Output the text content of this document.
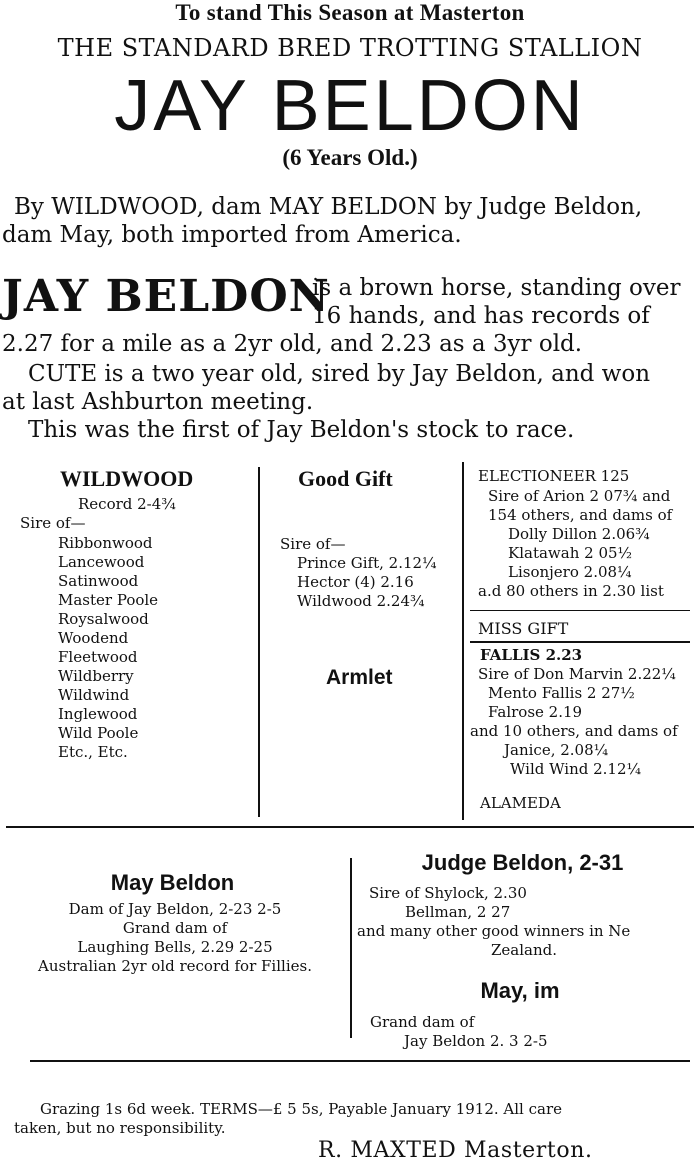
To stand This Season at Masterton
THE STANDARD BRED TROTTING STALLION
JAY BELDON
(6 Years Old.)
By WILDWOOD, dam MAY BELDON by Judge Beldon,
dam May, both imported from America.
JAY BELDON
is a brown horse, standing over
16 hands, and has records of
2.27 for a mile as a 2yr old, and 2.23 as a 3yr old.
CUTE is a two year old, sired by Jay Beldon, and won
at last Ashburton meeting.
This was the first of Jay Beldon's stock to race.
WILDWOOD
Record 2-4¾
Sire of—
Ribbonwood
Lancewood
Satinwood
Master Poole
Roysalwood
Woodend
Fleetwood
Wildberry
Wildwind
Inglewood
Wild Poole
Etc., Etc.
Good Gift
Sire of—
Prince Gift, 2.12¼
Hector (4) 2.16
Wildwood 2.24¾
Armlet
ELECTIONEER 125
Sire of Arion 2 07¾ and
154 others, and dams of
Dolly Dillon 2.06¾
Klatawah 2 05½
Lisonjero 2.08¼
a.d 80 others in 2.30 list
MISS GIFT
FALLIS 2.23
Sire of Don Marvin 2.22¼
Mento Fallis 2 27½
Falrose 2.19
and 10 others, and dams of
Janice, 2.08¼
Wild Wind 2.12¼
ALAMEDA
May Beldon
Dam of Jay Beldon, 2-23 2-5
Grand dam of
Laughing Bells, 2.29 2-25
Australian 2yr old record for Fillies.
Judge Beldon, 2-31
Sire of Shylock, 2.30
Bellman, 2 27
and many other good winners in Ne
Zealand.
May, im
Grand dam of
Jay Beldon 2. 3 2-5
Grazing 1s 6d week. TERMS—£ 5 5s, Payable January 1912. All care
taken, but no responsibility.
R. MAXTED Masterton.
